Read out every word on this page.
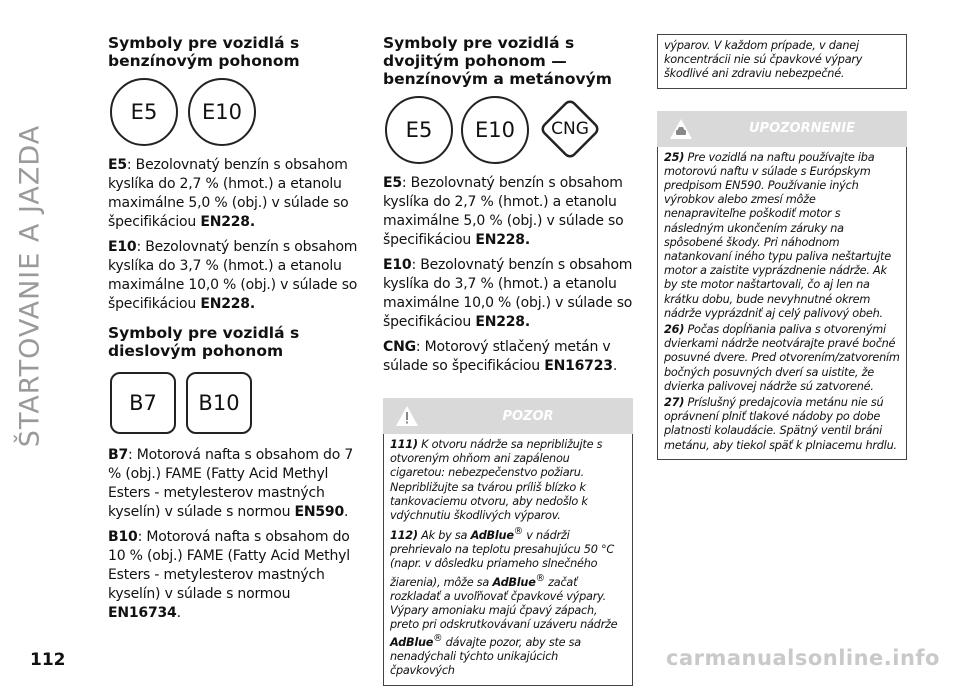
ŠTARTOVANIE A JAZDA
Symboly pre vozidlá s benzínovým pohonom
E5	E10

E5: Bezolovnatý benzín s obsahom kyslíka do 2,7 % (hmot.) a etanolu maximálne 5,0 % (obj.) v súlade so špecifikáciou EN228.

E10: Bezolovnatý benzín s obsahom kyslíka do 3,7 % (hmot.) a etanolu maximálne 10,0 % (obj.) v súlade so špecifikáciou EN228.

Symboly pre vozidlá s dieslovým pohonom
B7	B10

B7: Motorová nafta s obsahom do 7 % (obj.) FAME (Fatty Acid Methyl Esters - metylesterov mastných kyselín) v súlade s normou EN590.

B10: Motorová nafta s obsahom do 10 % (obj.) FAME (Fatty Acid Methyl Esters - metylesterov mastných kyselín) v súlade s normou EN16734.

Symboly pre vozidlá s dvojitým pohonom — benzínovým a metánovým
E5	E10	CNG

E5: Bezolovnatý benzín s obsahom kyslíka do 2,7 % (hmot.) a etanolu maximálne 5,0 % (obj.) v súlade so špecifikáciou EN228.

E10: Bezolovnatý benzín s obsahom kyslíka do 3,7 % (hmot.) a etanolu maximálne 10,0 % (obj.) v súlade so špecifikáciou EN228.

CNG: Motorový stlačený metán v súlade so špecifikáciou EN16723.

POZOR

111) K otvoru nádrže sa nepribližujte s otvoreným ohňom ani zapálenou cigaretou: nebezpečenstvo požiaru. Nepribližujte sa tvárou príliš blízko k tankovaciemu otvoru, aby nedošlo k vdýchnutiu škodlivých výparov.

112) Ak by sa AdBlue® v nádrži prehrievalo na teplotu presahujúcu 50 °C (napr. v dôsledku priameho slnečného žiarenia), môže sa AdBlue® začať rozkladať a uvoľňovať čpavkové výpary. Výpary amoniaku majú čpavý zápach, preto pri odskrutkovávaní uzáveru nádrže AdBlue® dávajte pozor, aby ste sa nenadýchali týchto unikajúcich čpavkových

výparov. V každom prípade, v danej koncentrácii nie sú čpavkové výpary škodlivé ani zdraviu nebezpečné.

UPOZORNENIE

25) Pre vozidlá na naftu používajte iba motorovú naftu v súlade s Európskym predpisom EN590. Používanie iných výrobkov alebo zmesí môže nenapraviteľne poškodiť motor s následným ukončením záruky na spôsobené škody. Pri náhodnom natankovaní iného typu paliva neštartujte motor a zaistite vyprázdnenie nádrže. Ak by ste motor naštartovali, čo aj len na krátku dobu, bude nevyhnutné okrem nádrže vyprázdniť aj celý palivový obeh.

26) Počas dopĺňania paliva s otvorenými dvierkami nádrže neotvárajte pravé bočné posuvné dvere. Pred otvorením/zatvorením bočných posuvných dverí sa uistite, že dvierka palivovej nádrže sú zatvorené.

27) Príslušný predajcovia metánu nie sú oprávnení plniť tlakové nádoby po dobe platnosti kolaudácie. Spätný ventil bráni metánu, aby tiekol späť k plniacemu hrdlu.

112	carmanualsonline.info
